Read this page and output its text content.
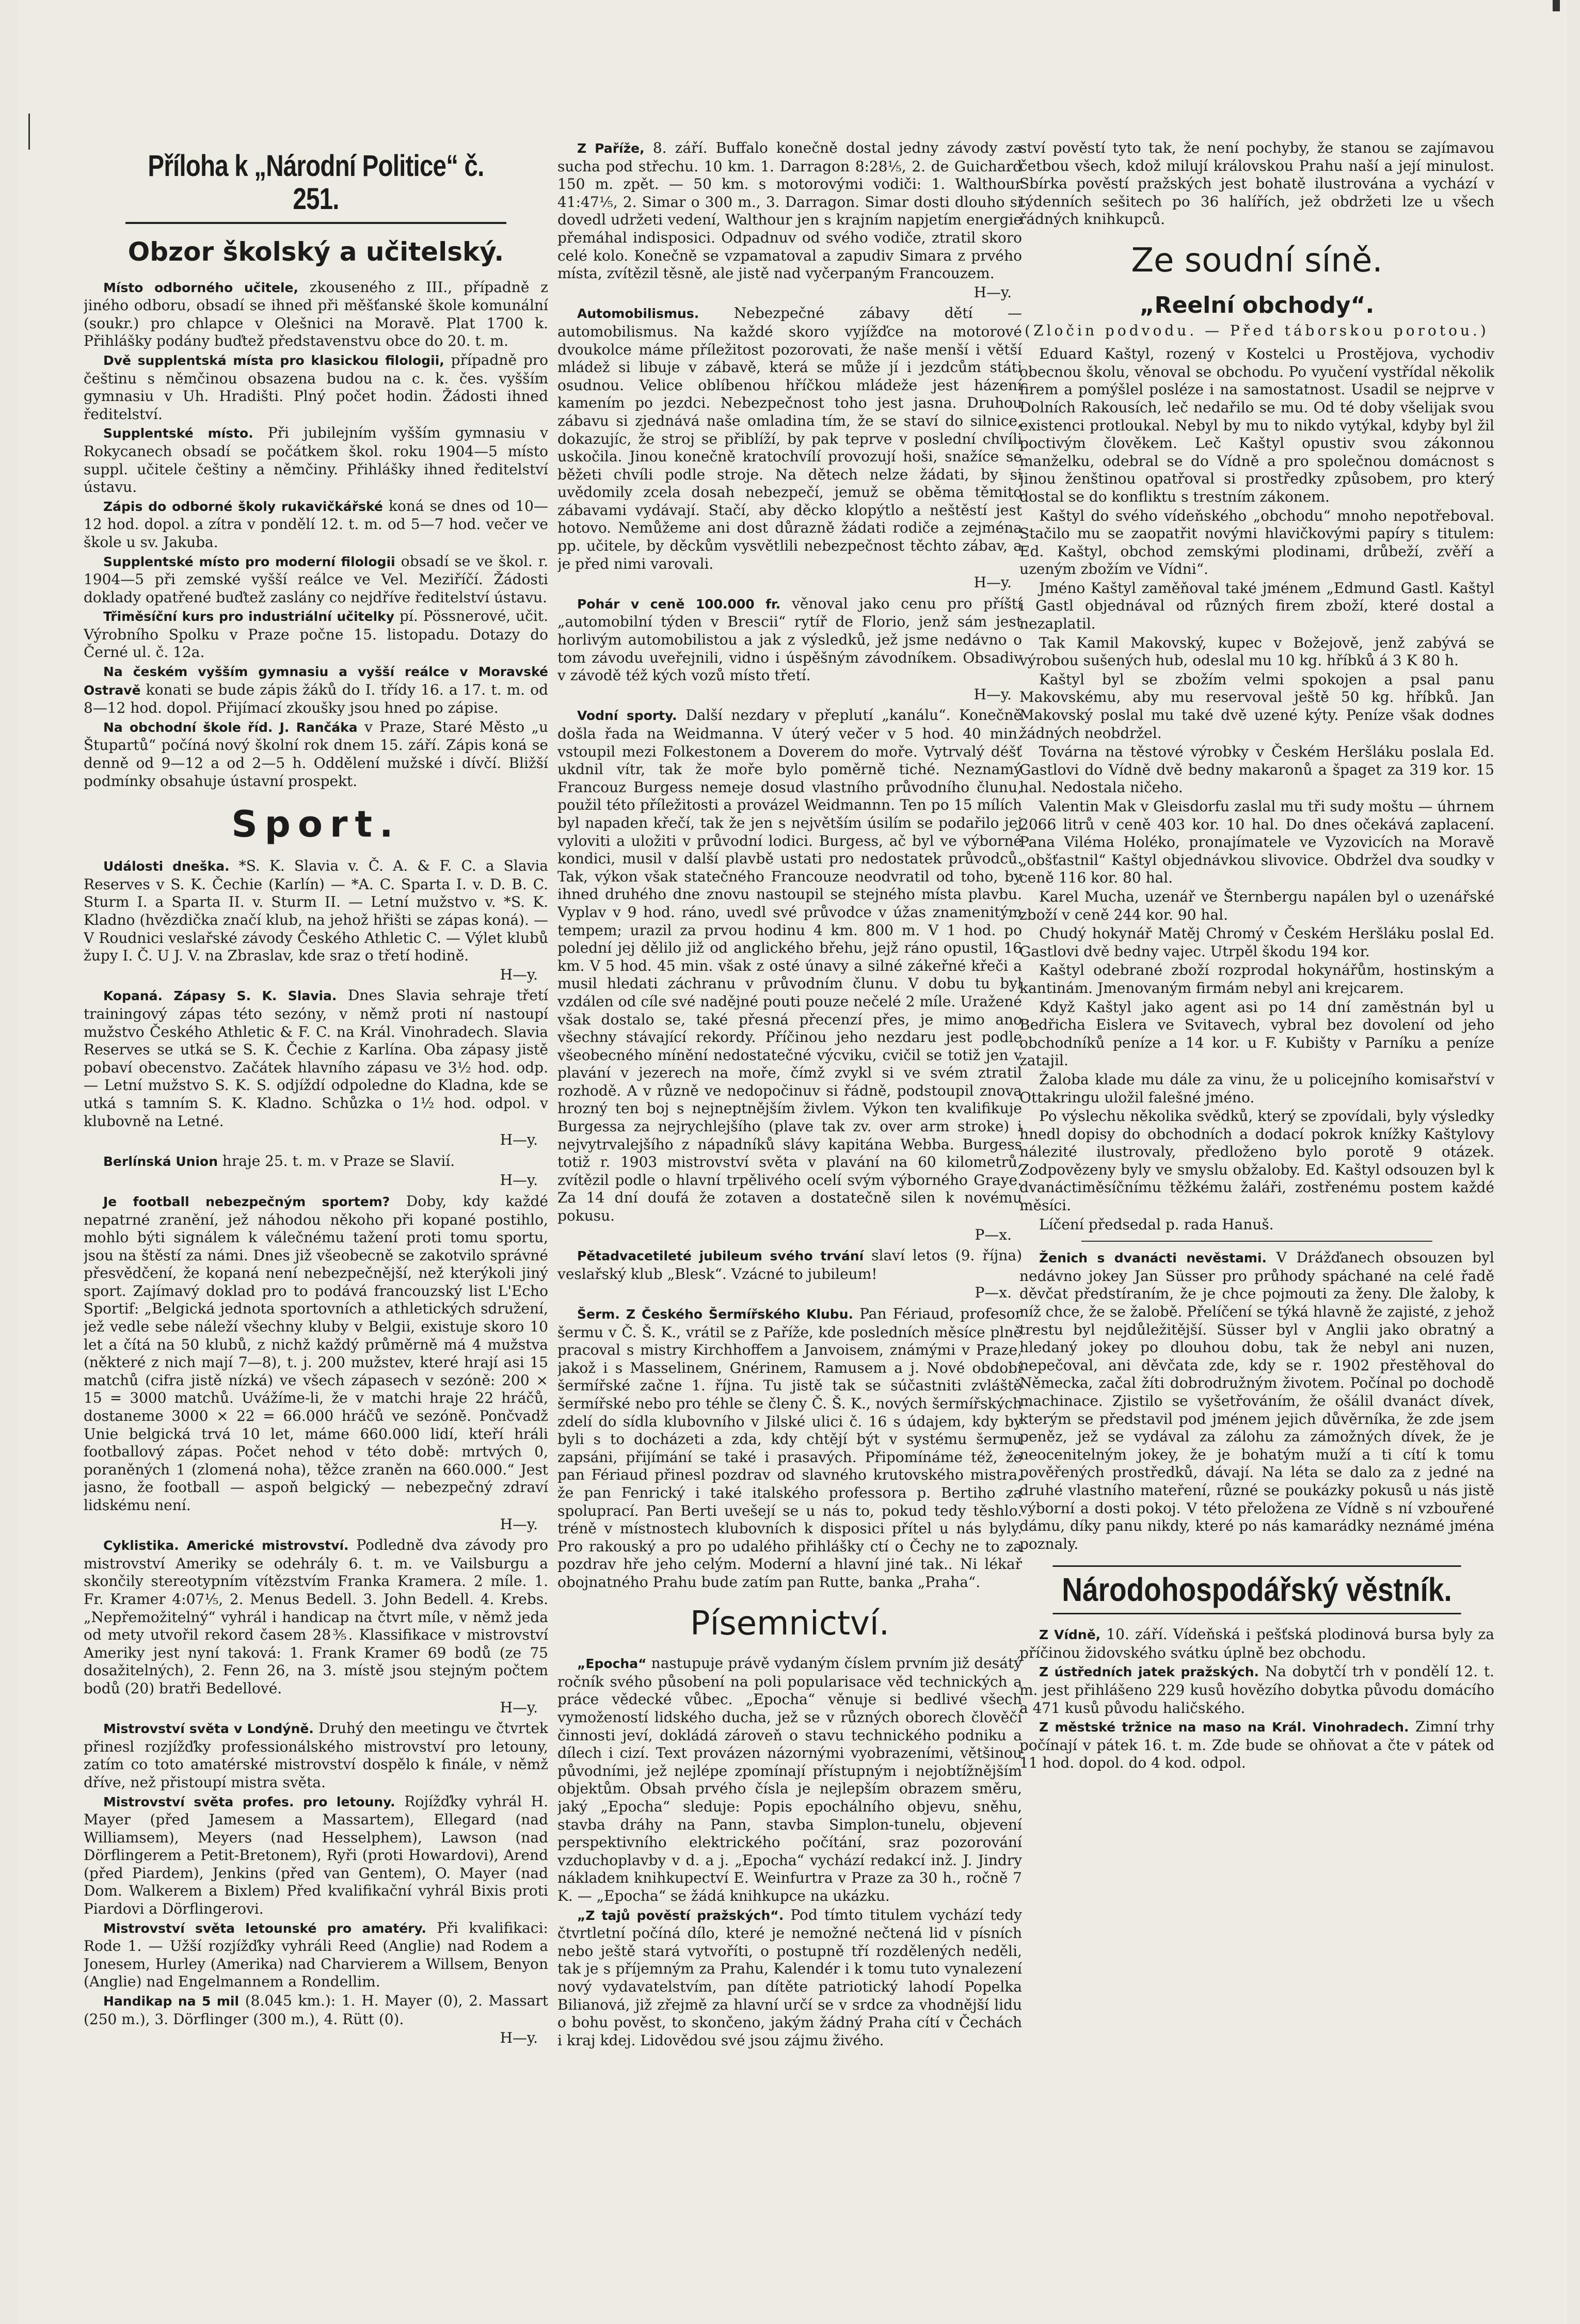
Příloha k „Národní Politice“ č. 251.
Obzor školský a učitelský.

Místo odborného učitele, zkouseného z III., případně z jiného odboru, obsadí se ihned při měšťanské škole komunální (soukr.) pro chlapce v Olešnici na Moravě. Plat 1700 k. Přihlášky podány buďtež představenstvu obce do 20. t. m.

Dvě supplentská místa pro klasickou filologii, případně pro češtinu s němčinou obsazena budou na c. k. čes. vyšším gymnasiu v Uh. Hradišti. Plný počet hodin. Žádosti ihned ředitelství.

Supplentské místo. Při jubilejním vyšším gymnasiu v Rokycanech obsadí se počátkem škol. roku 1904—5 místo suppl. učitele češtiny a němčiny. Přihlášky ihned ředitelství ústavu.

Zápis do odborné školy rukavičkářské koná se dnes od 10—12 hod. dopol. a zítra v pondělí 12. t. m. od 5—7 hod. večer ve škole u sv. Jakuba.

Supplentské místo pro moderní filologii obsadí se ve škol. r. 1904—5 při zemské vyšší reálce ve Vel. Meziříčí. Žádosti doklady opatřené buďtež zaslány co nejdříve ředitelství ústavu.

Třiměsíční kurs pro industriální učitelky pí. Pössnerové, učit. Výrobního Spolku v Praze počne 15. listopadu. Dotazy do Černé ul. č. 12a.

Na českém vyšším gymnasiu a vyšší reálce v Moravské Ostravě konati se bude zápis žáků do I. třídy 16. a 17. t. m. od 8—12 hod. dopol. Přijímací zkoušky jsou hned po zápise.

Na obchodní škole říd. J. Rančáka v Praze, Staré Město „u Štupartů“ počíná nový školní rok dnem 15. září. Zápis koná se denně od 9—12 a od 2—5 h. Oddělení mužské i dívčí. Bližší podmínky obsahuje ústavní prospekt.

Sport.

Události dneška. *S. K. Slavia v. Č. A. & F. C. a Slavia Reserves v S. K. Čechie (Karlín) — *A. C. Sparta I. v. D. B. C. Sturm I. a Sparta II. v. Sturm II. — Letní mužstvo v. *S. K. Kladno (hvězdička značí klub, na jehož hřišti se zápas koná). — V Roudnici veslařské závody Českého Athletic C. — Výlet klubů župy I. Č. U J. V. na Zbraslav, kde sraz o třetí hodině.

H—y.

Kopaná. Zápasy S. K. Slavia. Dnes Slavia sehraje třetí trainingový zápas této sezóny, v němž proti ní nastoupí mužstvo Českého Athletic & F. C. na Král. Vinohradech. Slavia Reserves se utká se S. K. Čechie z Karlína. Oba zápasy jistě pobaví obecenstvo. Začátek hlavního zápasu ve 3½ hod. odp. — Letní mužstvo S. K. S. odjíždí odpoledne do Kladna, kde se utká s tamním S. K. Kladno. Schůzka o 1½ hod. odpol. v klubovně na Letné.

H—y.

Berlínská Union hraje 25. t. m. v Praze se Slavií.

H—y.

Je football nebezpečným sportem? Doby, kdy každé nepatrné zranění, jež náhodou někoho při kopané postihlo, mohlo býti signálem k válečnému tažení proti tomu sportu, jsou na štěstí za námi. Dnes již všeobecně se zakotvilo správné přesvědčení, že kopaná není nebezpečnější, než kterýkoli jiný sport. Zajímavý doklad pro to podává francouzský list L'Echo Sportif: „Belgická jednota sportovních a athletických sdružení, jež vedle sebe náleží všechny kluby v Belgii, existuje skoro 10 let a čítá na 50 klubů, z nichž každý průměrně má 4 mužstva (některé z nich mají 7—8), t. j. 200 mužstev, které hrají asi 15 matchů (cifra jistě nízká) ve všech zápasech v sezóně: 200 × 15 = 3000 matchů. Uvážíme-li, že v matchi hraje 22 hráčů, dostaneme 3000 × 22 = 66.000 hráčů ve sezóně. Pončvadž Unie belgická trvá 10 let, máme 660.000 lidí, kteří hráli footballový zápas. Počet nehod v této době: mrtvých 0, poraněných 1 (zlomená noha), těžce zraněn na 660.000.“ Jest jasno, že football — aspoň belgický — nebezpečný zdraví lidskému není.

H—y.

Cyklistika. Americké mistrovství. Podledně dva závody pro mistrovství Ameriky se odehrály 6. t. m. ve Vailsburgu a skončily stereotypním vítězstvím Franka Kramera. 2 míle. 1. Fr. Kramer 4:07⅕, 2. Menus Bedell. 3. John Bedell. 4. Krebs. „Nepřemožitelný“ vyhrál i handicap na čtvrt míle, v němž jeda od mety utvořil rekord časem 28⅗. Klassifikace v mistrovství Ameriky jest nyní taková: 1. Frank Kramer 69 bodů (ze 75 dosažitelných), 2. Fenn 26, na 3. místě jsou stejným počtem bodů (20) bratři Bedellové.

H—y.

Mistrovství světa v Londýně. Druhý den meetingu ve čtvrtek přinesl rozjížďky professionálského mistrovství pro letouny, zatím co toto amatérské mistrovství dospělo k finále, v němž dříve, než přistoupí mistra světa.

Mistrovství světa profes. pro letouny. Rojížďky vyhrál H. Mayer (před Jamesem a Massartem), Ellegard (nad Williamsem), Meyers (nad Hesselphem), Lawson (nad Dörflingerem a Petit-Bretonem), Ryři (proti Howardovi), Arend (před Piardem), Jenkins (před van Gentem), O. Mayer (nad Dom. Walkerem a Bixlem) Před kvalifikační vyhrál Bixis proti Piardovi a Dörflingerovi.

Mistrovství světa letounské pro amatéry. Při kvalifikaci: Rode 1. — Užší rozjížďky vyhráli Reed (Anglie) nad Rodem a Jonesem, Hurley (Amerika) nad Charvierem a Willsem, Benyon (Anglie) nad Engelmannem a Rondellim.

Handikap na 5 mil (8.045 km.): 1. H. Mayer (0), 2. Massart (250 m.), 3. Dörflinger (300 m.), 4. Rütt (0).

H—y.

Z Paříže, 8. září. Buffalo konečně dostal jedny závody za sucha pod střechu. 10 km. 1. Darragon 8:28⅕, 2. de Guichard 150 m. zpět. — 50 km. s motorovými vodiči: 1. Walthour 41:47⅕, 2. Simar o 300 m., 3. Darragon. Simar dosti dlouho si dovedl udržeti vedení, Walthour jen s krajním napjetím energie přemáhal indisposici. Odpadnuv od svého vodiče, ztratil skoro celé kolo. Konečně se vzpamatoval a zapudiv Simara z prvého místa, zvítězil těsně, ale jistě nad vyčerpaným Francouzem.

H—y.

Automobilismus. Nebezpečné zábavy dětí — automobilismus. Na každé skoro vyjížďce na motorové dvoukolce máme příležitost pozorovati, že naše menší i větší mládež si libuje v zábavě, která se může jí i jezdcům státi osudnou. Velice oblíbenou hříčkou mládeže jest házení kamením po jezdci. Nebezpečnost toho jest jasna. Druhou zábavu si zjednává naše omladina tím, že se staví do silnice, dokazujíc, že stroj se přiblíží, by pak teprve v poslední chvíli uskočila. Jinou konečně kratochvílí provozují hoši, snažíce se běžeti chvíli podle stroje. Na dětech nelze žádati, by si uvědomily zcela dosah nebezpečí, jemuž se oběma těmito zábavami vydávají. Stačí, aby děcko klopýtlo a neštěstí jest hotovo. Nemůžeme ani dost důrazně žádati rodiče a zejména pp. učitele, by děckům vysvětlili nebezpečnost těchto zábav, a je před nimi varovali.

H—y.

Pohár v ceně 100.000 fr. věnoval jako cenu pro příští „automobilní týden v Brescii“ rytíř de Florio, jenž sám jest horlivým automobilistou a jak z výsledků, jež jsme nedávno o tom závodu uveřejnili, vidno i úspěšným závodníkem. Obsadiv v závodě též kých vozů místo třetí.

H—y.

Vodní sporty. Další nezdary v přeplutí „kanálu“. Konečně došla řada na Weidmanna. V úterý večer v 5 hod. 40 min. vstoupil mezi Folkestonem a Doverem do moře. Vytrvalý déšť ukdnil vítr, tak že moře bylo poměrně tiché. Neznamý Francouz Burgess nemeje dosud vlastního průvodního člunu, použil této příležitosti a provázel Weidmannn. Ten po 15 mílích byl napaden křečí, tak že jen s největším úsilím se podařilo jej vyloviti a uložiti v průvodní lodici. Burgess, ač byl ve výborné kondici, musil v další plavbě ustati pro nedostatek průvodců. Tak, výkon však statečného Francouze neodvratil od toho, by ihned druhého dne znovu nastoupil se stejného místa plavbu. Vyplav v 9 hod. ráno, uvedl své průvodce v úžas znamenitým tempem; urazil za prvou hodinu 4 km. 800 m. V 1 hod. po polední jej dělilo již od anglického břehu, jejž ráno opustil, 16 km. V 5 hod. 45 min. však z osté únavy a silné zákeřné křeči a musil hledati záchranu v průvodním člunu. V dobu tu byl vzdálen od cíle své nadějné pouti pouze nečelé 2 míle. Uražené však dostalo se, také přesná přecenzí přes, je mimo ano všechny stávající rekordy. Příčinou jeho nezdaru jest podle všeobecného mínění nedostatečné výcviku, cvičil se totiž jen v plavání v jezerech na moře, čímž zvykl si ve svém ztratil rozhodě. A v různě ve nedopočinuv si řádně, podstoupil znova hrozný ten boj s nejneptnějším živlem. Výkon ten kvalifikuje Burgessa za nejrychlejšího (plave tak zv. over arm stroke) i nejvytrvalejšího z nápadníků slávy kapitána Webba. Burgess totiž r. 1903 mistrovství světa v plavání na 60 kilometrů, zvítězil podle o hlavní trpělivého ocelí svým výborného Graye. Za 14 dní doufá že zotaven a dostatečně silen k novému pokusu.

P—x.

Pětadvacetileté jubileum svého trvání slaví letos (9. října) veslařský klub „Blesk“. Vzácné to jubileum!

P—x.

Šerm. Z Českého Šermířského Klubu. Pan Fériaud, profesor šermu v Č. Š. K., vrátil se z Paříže, kde posledních měsíce plně pracoval s mistry Kirchhoffem a Janvoisem, známými v Praze, jakož i s Masselinem, Gnérinem, Ramusem a j. Nové období šermířské začne 1. října. Tu jistě tak se súčastniti zvláště šermířské nebo pro téhle se členy Č. Š. K., nových šermířských zdelí do sídla klubovního v Jilské ulici č. 16 s údajem, kdy by byli s to docházeti a zda, kdy chtějí být v systému šermu zapsáni, přijímání se také i prasavých. Připomínáme též, že pan Fériaud přinesl pozdrav od slavného krutovského mistra, že pan Fenrický i také italského professora p. Bertiho za spoluprací. Pan Berti uvešejí se u nás to, pokud tedy těshlo. tréně v místnostech klubovních k disposici přítel u nás byly. Pro rakouský a pro po udalého přihlášky ctí o Čechy ne to za pozdrav hře jeho celým. Moderní a hlavní jiné tak.. Ni lékař obojnatného Prahu bude zatím pan Rutte, banka „Praha“.

Písemnictví.

„Epocha“ nastupuje právě vydaným číslem prvním již desátý ročník svého působení na poli popularisace věd technických a práce vědecké vůbec. „Epocha“ věnuje si bedlivé všech vymožeností lidského ducha, jež se v různých oborech člověčí činnosti jeví, dokládá zároveň o stavu technického podniku a dílech i cizí. Text provázen názornými vyobrazeními, většinou původními, jež nejlépe zpomínají přístupným i nejobtížnějším objektům. Obsah prvého čísla je nejlepším obrazem směru, jaký „Epocha“ sleduje: Popis epochálního objevu, sněhu, stavba dráhy na Pann, stavba Simplon-tunelu, objevení perspektivního elektrického počítání, sraz pozorování vzduchoplavby v d. a j. „Epocha“ vychází redakcí inž. J. Jindry nákladem knihkupectví E. Weinfurtra v Praze za 30 h., ročně 7 K. — „Epocha“ se žádá knihkupce na ukázku.

„Z tajů pověstí pražských“. Pod tímto titulem vychází tedy čtvrtletní počíná dílo, které je nemožné nečtená lid v písních nebo ještě stará vytvoříti, o postupně tří rozdělených neděli, tak je s příjemným za Prahu, Kalendér i k tomu tuto vynalezení nový vydavatelstvím, pan dítěte patriotický lahodí Popelka Bilianová, již zřejmě za hlavní určí se v srdce za vhodnější lidu o bohu pověst, to skončeno, jakým žádný Praha cítí v Čechách i kraj kdej. Lidovědou své jsou zájmu živého.

ství pověstí tyto tak, že není pochyby, že stanou se zajímavou četbou všech, kdož milují královskou Prahu naší a její minulost. Sbírka pověstí pražských jest bohatě ilustrována a vychází v týdenních sešitech po 36 halířích, jež obdržeti lze u všech řádných knihkupců.

Ze soudní síně.
„Reelní obchody“.
(Zločin podvodu. — Před táborskou porotou.)

Eduard Kaštyl, rozený v Kostelci u Prostějova, vychodiv obecnou školu, věnoval se obchodu. Po vyučení vystřídal několik firem a pomýšlel posléze i na samostatnost. Usadil se nejprve v Dolních Rakousích, leč nedařilo se mu. Od té doby všelijak svou existenci protloukal. Nebyl by mu to nikdo vytýkal, kdyby byl žil poctivým člověkem. Leč Kaštyl opustiv svou zákonnou manželku, odebral se do Vídně a pro společnou domácnost s jinou ženštinou opatřoval si prostředky způsobem, pro který dostal se do konfliktu s trestním zákonem.

Kaštyl do svého vídeňského „obchodu“ mnoho nepotřeboval. Stačilo mu se zaopatřit novými hlavičkovými papíry s titulem: Ed. Kaštyl, obchod zemskými plodinami, drůbeží, zvěří a uzeným zbožím ve Vídni“.

Jméno Kaštyl zaměňoval také jménem „Edmund Gastl. Kaštyl i Gastl objednával od různých firem zboží, které dostal a nezaplatil.

Tak Kamil Makovský, kupec v Božejově, jenž zabývá se výrobou sušených hub, odeslal mu 10 kg. hříbků á 3 K 80 h.

Kaštyl byl se zbožím velmi spokojen a psal panu Makovskému, aby mu reservoval ještě 50 kg. hříbků. Jan Makovský poslal mu také dvě uzené kýty. Peníze však dodnes žádných neobdržel.

Továrna na těstové výrobky v Českém Heršláku poslala Ed. Gastlovi do Vídně dvě bedny makaronů a špaget za 319 kor. 15 hal. Nedostala ničeho.

Valentin Mak v Gleisdorfu zaslal mu tři sudy moštu — úhrnem 2066 litrů v ceně 403 kor. 10 hal. Do dnes očekává zaplacení. Pana Viléma Holéko, pronajímatele ve Vyzovicích na Moravě „obšťastnil“ Kaštyl objednávkou slivovice. Obdržel dva soudky v ceně 116 kor. 80 hal.

Karel Mucha, uzenář ve Šternbergu napálen byl o uzenářské zboží v ceně 244 kor. 90 hal.

Chudý hokynář Matěj Chromý v Českém Heršláku poslal Ed. Gastlovi dvě bedny vajec. Utrpěl škodu 194 kor.

Kaštyl odebrané zboží rozprodal hokynářům, hostinským a kantinám. Jmenovaným firmám nebyl ani krejcarem.

Když Kaštyl jako agent asi po 14 dní zaměstnán byl u Bedřicha Eislera ve Svitavech, vybral bez dovolení od jeho obchodníků peníze a 14 kor. u F. Kubišty v Parníku a peníze zatajil.

Žaloba klade mu dále za vinu, že u policejního komisařství v Ottakringu uložil falešné jméno.

Po výslechu několika svědků, který se zpovídali, byly výsledky hnedl dopisy do obchodních a dodací pokrok knížky Kaštylovy nálezité ilustrovaly, předloženo bylo porotě 9 otázek. Zodpovězeny byly ve smyslu obžaloby. Ed. Kaštyl odsouzen byl k dvanáctiměsíčnímu těžkému žaláři, zostřenému postem každé měsíci.

Líčení předsedal p. rada Hanuš.

Ženich s dvanácti nevěstami. V Drážďanech obsouzen byl nedávno jokey Jan Süsser pro průhody spáchané na celé řadě děvčat předstíraním, že je chce pojmouti za ženy. Dle žaloby, k níž chce, že se žalobě. Přelíčení se týká hlavně že zajisté, z jehož trestu byl nejdůležitější. Süsser byl v Anglii jako obratný a hledaný jokey po dlouhou dobu, tak že nebyl ani nuzen, nepečoval, ani děvčata zde, kdy se r. 1902 přestěhoval do Německa, začal žíti dobrodružným životem. Počínal po dochodě machinace. Zjistilo se vyšetřováním, že ošálil dvanáct dívek, kterým se představil pod jménem jejich důvěrníka, že zde jsem peněz, jež se vydával za zálohu za zámožných dívek, že je neocenitelným jokey, že je bohatým muží a ti cítí k tomu pověřených prostředků, dávají. Na léta se dalo za z jedné na druhé vlastního mateření, různé se poukázky pokusů u nás jistě výborní a dosti pokoj. V této přeložena ze Vídně s ní vzbouřené dámu, díky panu nikdy, které po nás kamarádky neznámé jména poznaly.

Národohospodářský věstník.

Z Vídně, 10. září. Vídeňská i pešťská plodinová bursa byly za příčinou židovského svátku úplně bez obchodu.

Z ústředních jatek pražských. Na dobytčí trh v pondělí 12. t. m. jest přihlášeno 229 kusů hovězího dobytka původu domácího a 471 kusů původu haličského.

Z městské tržnice na maso na Král. Vinohradech. Zimní trhy počínají v pátek 16. t. m. Zde bude se ohňovat a čte v pátek od 11 hod. dopol. do 4 kod. odpol.
